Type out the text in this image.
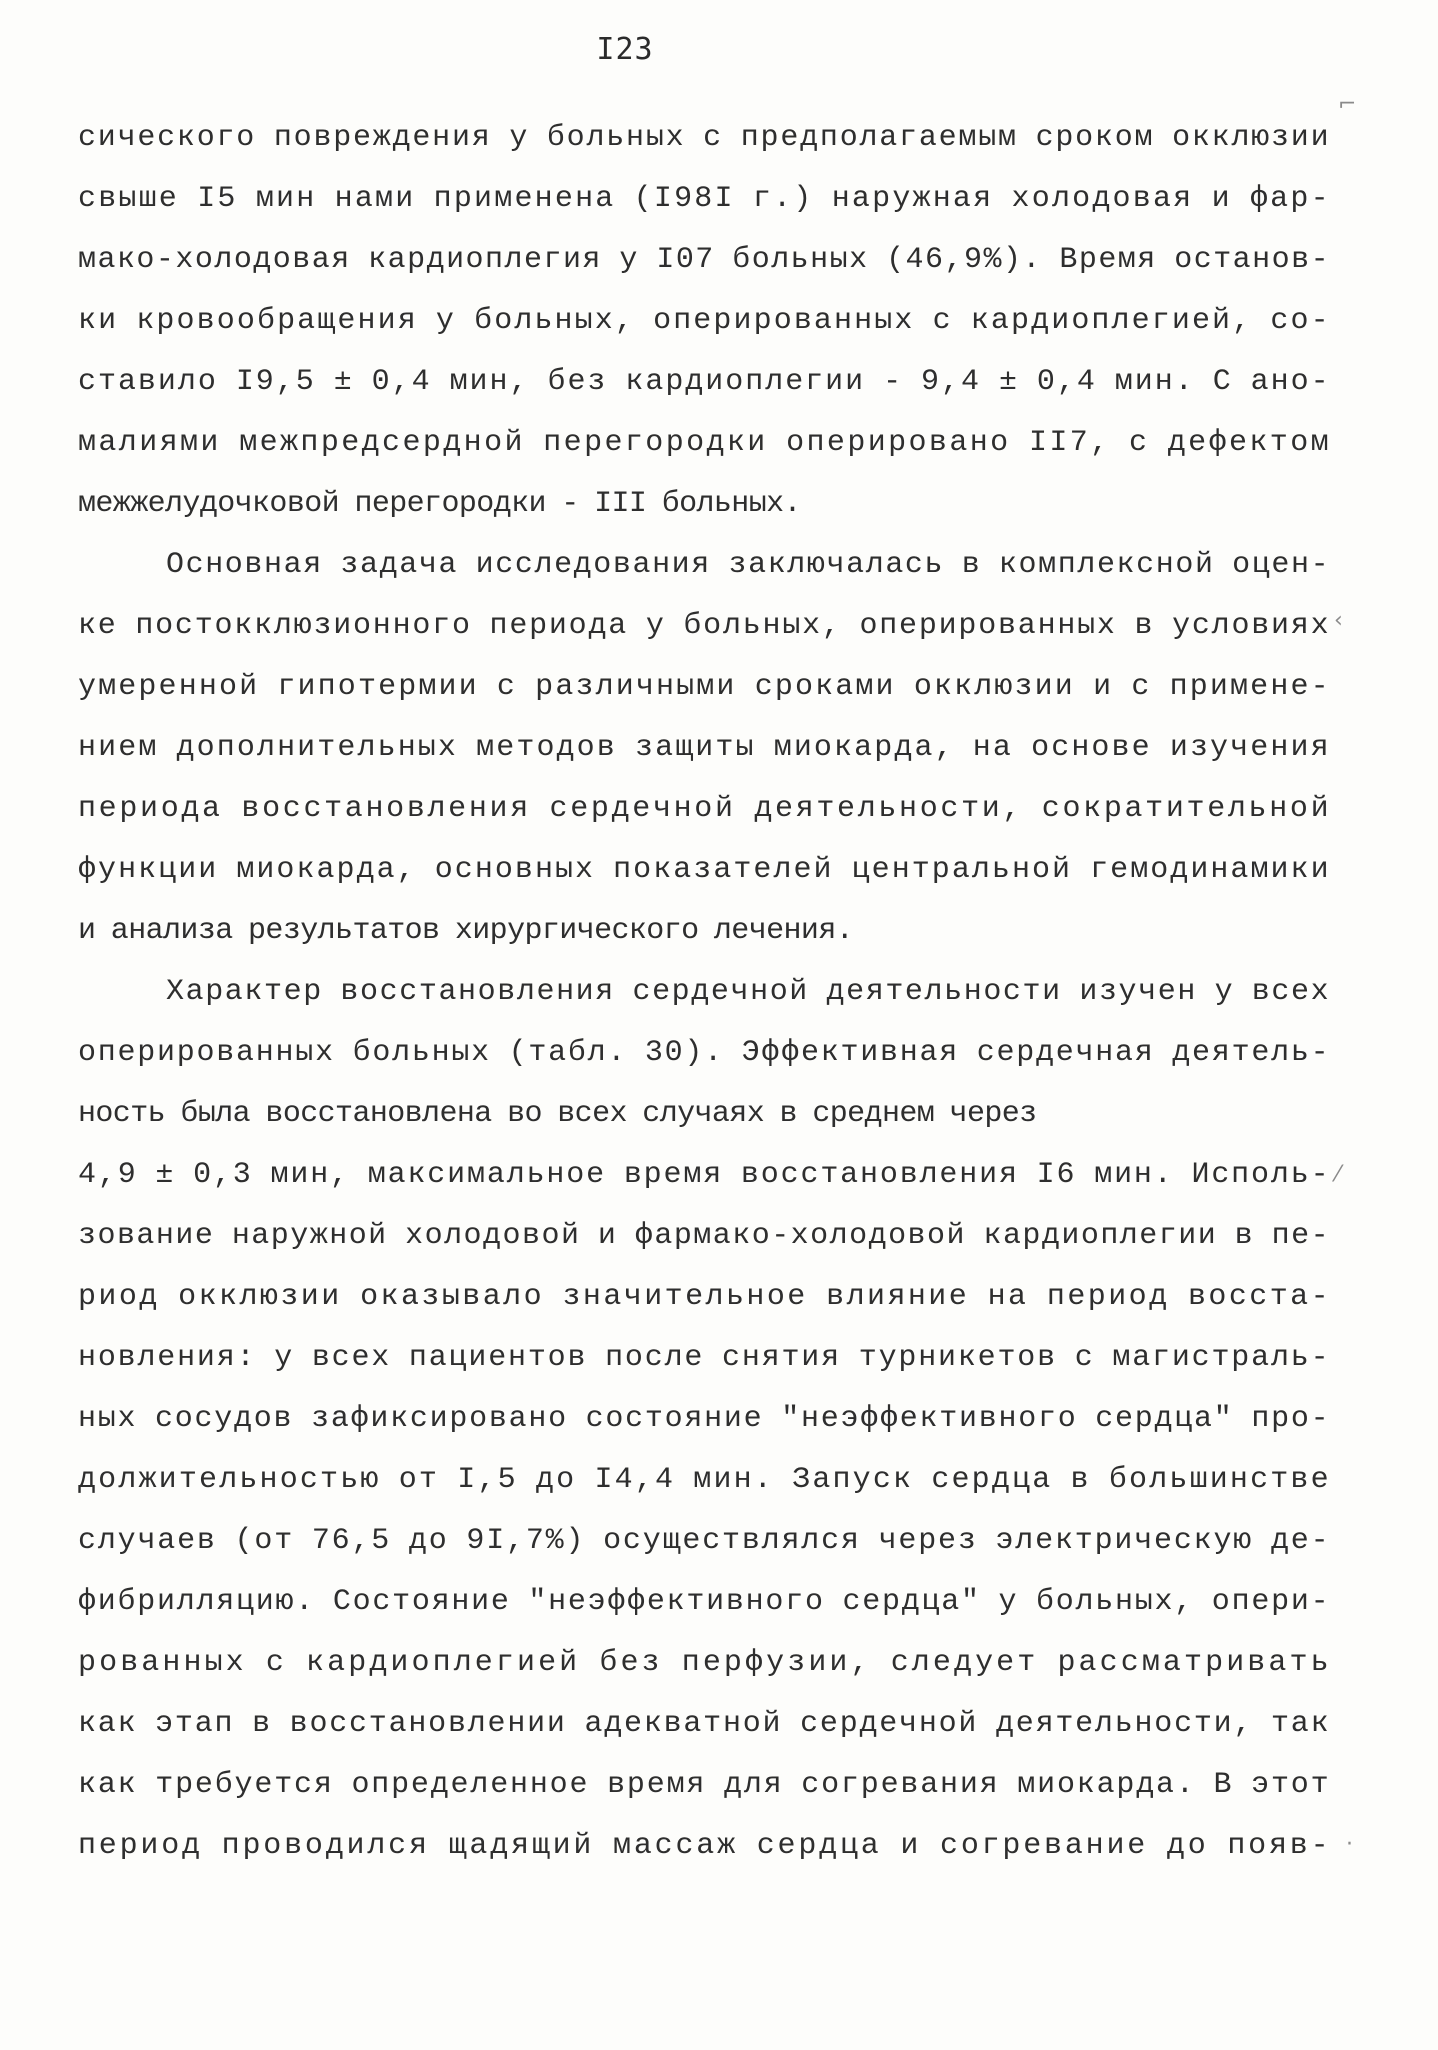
I23
сического повреждения у больных с предполагаемым сроком окклюзии
свыше I5 мин нами применена (I98I г.) наружная холодовая и фар-
мако-холодовая кардиоплегия у I07 больных (46,9%). Время останов-
ки кровообращения у больных, оперированных с кардиоплегией, со-
ставило I9,5 ± 0,4 мин, без кардиоплегии - 9,4 ± 0,4 мин. С ано-
малиями межпредсердной перегородки оперировано II7, с дефектом
межжелудочковой перегородки - III больных.
Основная задача исследования заключалась в комплексной оцен-
ке постокклюзионного периода у больных, оперированных в условиях
умеренной гипотермии с различными сроками окклюзии и с примене-
нием дополнительных методов защиты миокарда, на основе изучения
периода восстановления сердечной деятельности, сократительной
функции миокарда, основных показателей центральной гемодинамики
и анализа результатов хирургического лечения.
Характер восстановления сердечной деятельности изучен у всех
оперированных больных (табл. 30). Эффективная сердечная деятель-
ность была восстановлена во всех случаях в среднем через
4,9 ± 0,3 мин, максимальное время восстановления I6 мин. Исполь-
зование наружной холодовой и фармако-холодовой кардиоплегии в пе-
риод окклюзии оказывало значительное влияние на период восста-
новления: у всех пациентов после снятия турникетов с магистраль-
ных сосудов зафиксировано состояние "неэффективного сердца" про-
должительностью от I,5 до I4,4 мин. Запуск сердца в большинстве
случаев (от 76,5 до 9I,7%) осуществлялся через электрическую де-
фибрилляцию. Состояние "неэффективного сердца" у больных, опери-
рованных с кардиоплегией без перфузии, следует рассматривать
как этап в восстановлении адекватной сердечной деятельности, так
как требуется определенное время для согревания миокарда. В этот
период проводился щадящий массаж сердца и согревание до появ-
⌐
‹
⁄
·
